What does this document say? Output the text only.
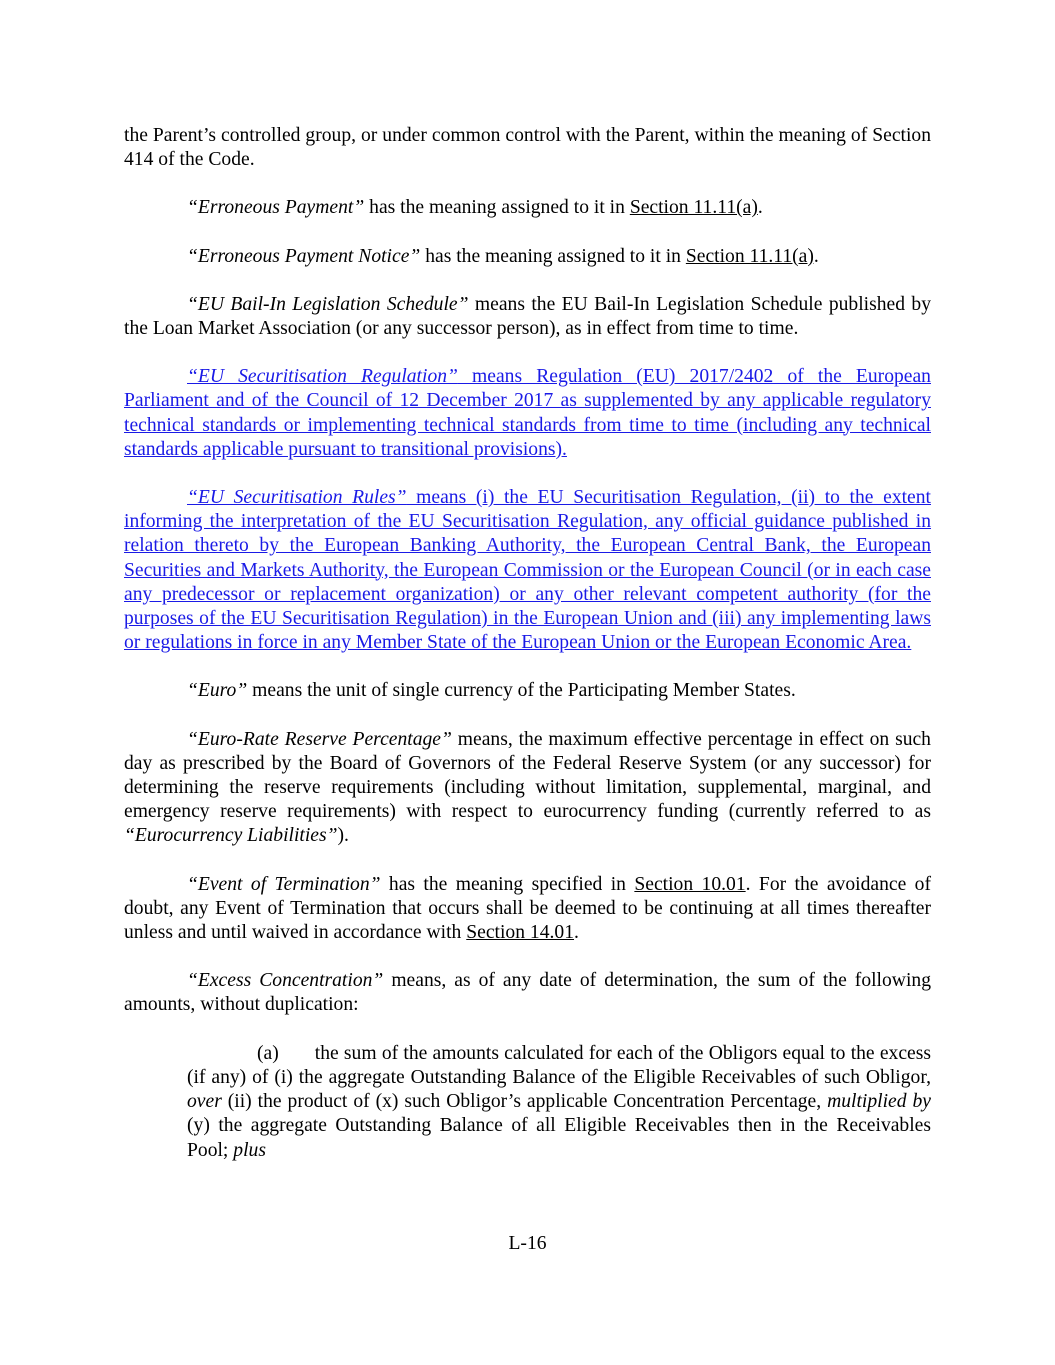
the Parent’s controlled group, or under common control with the Parent, within the meaning of Section 414 of the Code.

“Erroneous Payment” has the meaning assigned to it in Section 11.11(a).

“Erroneous Payment Notice” has the meaning assigned to it in Section 11.11(a).

“EU Bail-In Legislation Schedule” means the EU Bail-In Legislation Schedule published by the Loan Market Association (or any successor person), as in effect from time to time.

“EU Securitisation Regulation” means Regulation (EU) 2017/2402 of the European Parliament and of the Council of 12 December 2017 as supplemented by any applicable regulatory technical standards or implementing technical standards from time to time (including any technical standards applicable pursuant to transitional provisions).

“EU Securitisation Rules” means (i) the EU Securitisation Regulation, (ii) to the extent informing the interpretation of the EU Securitisation Regulation, any official guidance published in relation thereto by the European Banking Authority, the European Central Bank, the European Securities and Markets Authority, the European Commission or the European Council (or in each case any predecessor or replacement organization) or any other relevant competent authority (for the purposes of the EU Securitisation Regulation) in the European Union and (iii) any implementing laws or regulations in force in any Member State of the European Union or the European Economic Area.

“Euro” means the unit of single currency of the Participating Member States.

“Euro-Rate Reserve Percentage” means, the maximum effective percentage in effect on such day as prescribed by the Board of Governors of the Federal Reserve System (or any successor) for determining the reserve requirements (including without limitation, supplemental, marginal, and emergency reserve requirements) with respect to eurocurrency funding (currently referred to as “Eurocurrency Liabilities”).

“Event of Termination” has the meaning specified in Section 10.01. For the avoidance of doubt, any Event of Termination that occurs shall be deemed to be continuing at all times thereafter unless and until waived in accordance with Section 14.01.

“Excess Concentration” means, as of any date of determination, the sum of the following amounts, without duplication:

(a) the sum of the amounts calculated for each of the Obligors equal to the excess (if any) of (i) the aggregate Outstanding Balance of the Eligible Receivables of such Obligor, over (ii) the product of (x) such Obligor’s applicable Concentration Percentage, multiplied by (y) the aggregate Outstanding Balance of all Eligible Receivables then in the Receivables Pool; plus

L-16
